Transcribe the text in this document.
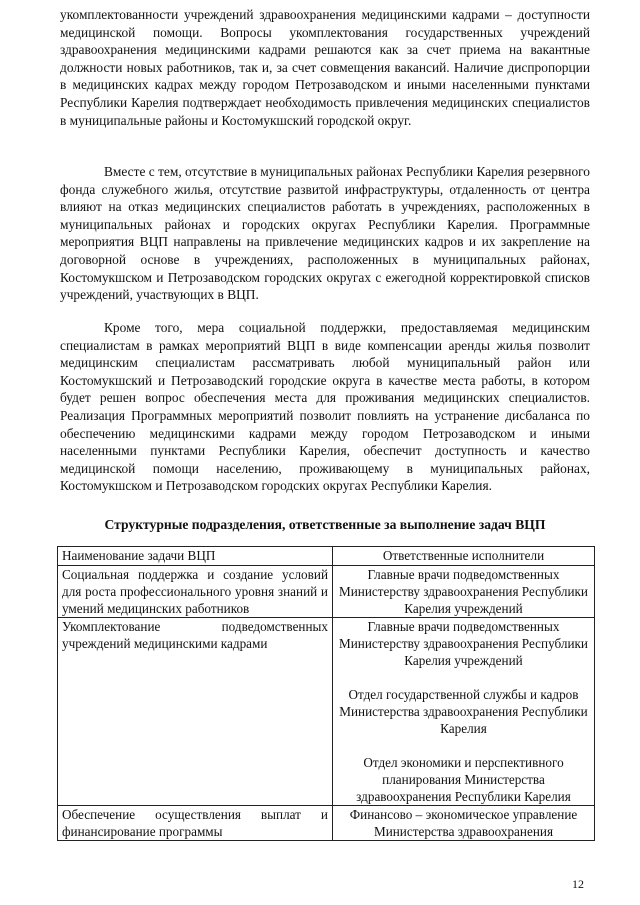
укомплектованности учреждений здравоохранения медицинскими кадрами – доступности медицинской помощи. Вопросы укомплектования государственных учреждений здравоохранения медицинскими кадрами решаются как за счет приема на вакантные должности новых работников, так и, за счет совмещения вакансий. Наличие диспропорции в медицинских кадрах между городом Петрозаводском и иными населенными пунктами Республики Карелия подтверждает необходимость привлечения медицинских специалистов в муниципальные районы и Костомукшский городской округ.

Вместе с тем, отсутствие в муниципальных районах Республики Карелия резервного фонда служебного жилья, отсутствие развитой инфраструктуры, отдаленность от центра влияют на отказ медицинских специалистов работать в учреждениях, расположенных в муниципальных районах и городских округах Республики Карелия. Программные мероприятия ВЦП направлены на привлечение медицинских кадров и их закрепление на договорной основе в учреждениях, расположенных в муниципальных районах, Костомукшском и Петрозаводском городских округах с ежегодной корректировкой списков учреждений, участвующих в ВЦП.

Кроме того, мера социальной поддержки, предоставляемая медицинским специалистам в рамках мероприятий ВЦП в виде компенсации аренды жилья позволит медицинским специалистам рассматривать любой муниципальный район или Костомукшский и Петрозаводский городские округа в качестве места работы, в котором будет решен вопрос обеспечения места для проживания медицинских специалистов. Реализация Программных мероприятий позволит повлиять на устранение дисбаланса по обеспечению медицинскими кадрами между городом Петрозаводском и иными населенными пунктами Республики Карелия, обеспечит доступность и качество медицинской помощи населению, проживающему в муниципальных районах, Костомукшском и Петрозаводском городских округах Республики Карелия.

Структурные подразделения, ответственные за выполнение задач ВЦП
Наименование задачи ВЦП	Ответственные исполнители
Социальная поддержка и создание условий для роста профессионального уровня знаний и умений медицинских работников	Главные врачи подведомственных Министерству здравоохранения Республики Карелия учреждений

Укомплектование подведомственных учреждений медицинскими кадрами	Главные врачи подведомственных Министерству здравоохранения Республики Карелия учреждений
Отдел государственной службы и кадров Министерства здравоохранения Республики Карелия
Отдел экономики и перспективного планирования Министерства здравоохранения Республики Карелия

Обеспечение осуществления выплат и финансирование программы	Финансово – экономическое управление Министерства здравоохранения
12
